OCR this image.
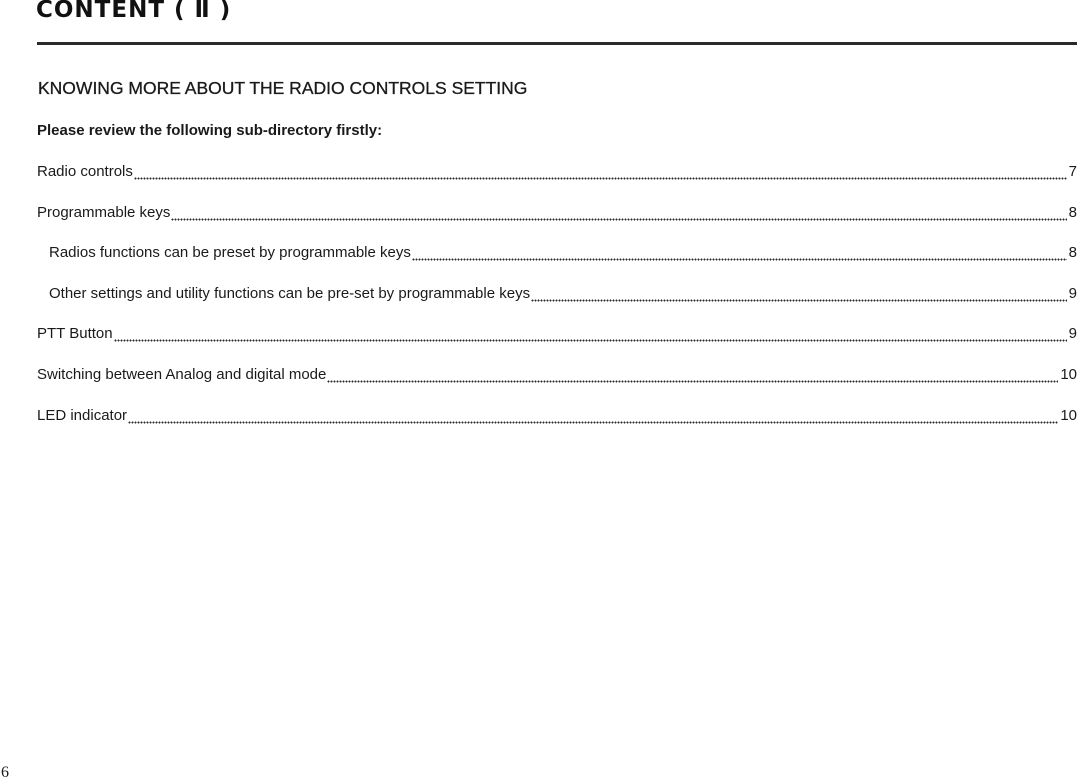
CONTENT ( Ⅱ )
KNOWING MORE ABOUT THE RADIO CONTROLS SETTING
Please review the following sub-directory firstly:
Radio controls	7
Programmable keys	8
Radios functions can be preset by programmable keys	8
Other settings and utility functions can be pre-set by programmable keys	9
PTT Button	9
Switching between Analog and digital mode	10
LED indicator	10
6
